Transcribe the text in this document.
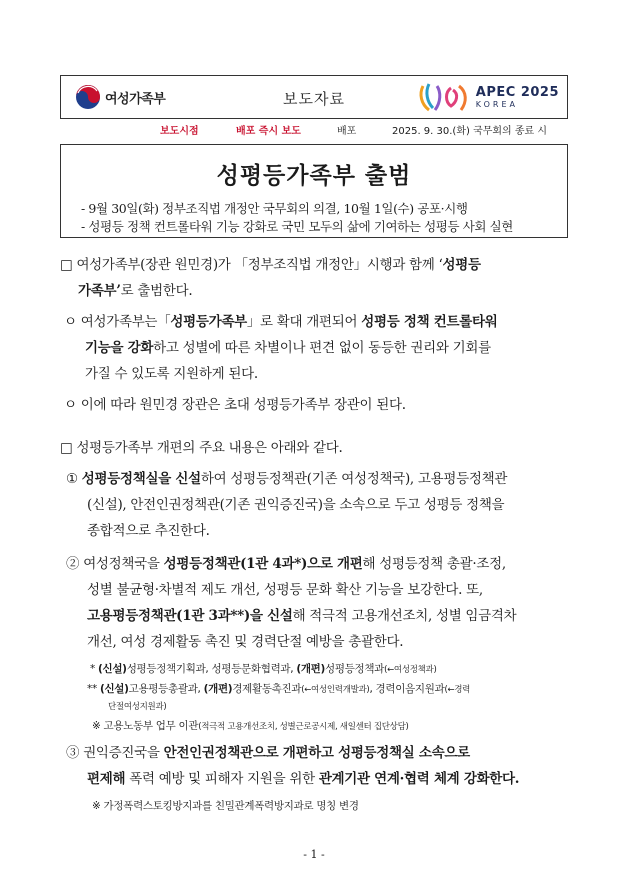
여성가족부	보도자료	APEC 2025
KOREA
보도시점	배포 즉시 보도	배포	2025. 9. 30.(화) 국무회의 종료 시
성평등가족부 출범
- 9월 30일(화) 정부조직법 개정안 국무회의 의결, 10월 1일(수) 공포·시행
- 성평등 정책 컨트롤타워 기능 강화로 국민 모두의 삶에 기여하는 성평등 사회 실현
□ 여성가족부(장관 원민경)가 「정부조직법 개정안」시행과 함께 ‘성평등
가족부’로 출범한다.
ㅇ 여성가족부는「성평등가족부」로 확대 개편되어 성평등 정책 컨트롤타워
기능을 강화하고 성별에 따른 차별이나 편견 없이 동등한 권리와 기회를
가질 수 있도록 지원하게 된다.
ㅇ 이에 따라 원민경 장관은 초대 성평등가족부 장관이 된다.
□ 성평등가족부 개편의 주요 내용은 아래와 같다.
① 성평등정책실을 신설하여 성평등정책관(기존 여성정책국), 고용평등정책관
(신설), 안전인권정책관(기존 권익증진국)을 소속으로 두고 성평등 정책을
종합적으로 추진한다.
② 여성정책국을 성평등정책관(1관 4과*)으로 개편해 성평등정책 총괄·조정,
성별 불균형·차별적 제도 개선, 성평등 문화 확산 기능을 보강한다. 또,
고용평등정책관(1관 3과**)을 신설해 적극적 고용개선조치, 성별 임금격차
개선, 여성 경제활동 촉진 및 경력단절 예방을 총괄한다.
* (신설)성평등정책기획과, 성평등문화협력과, (개편)성평등정책과(←여성정책과)
** (신설)고용평등총괄과, (개편)경제활동촉진과(←여성인력개발과), 경력이음지원과(←경력
단절여성지원과)
※ 고용노동부 업무 이관(적극적 고용개선조치, 성별근로공시제, 새일센터 집단상담)
③ 권익증진국을 안전인권정책관으로 개편하고 성평등정책실 소속으로
편제해 폭력 예방 및 피해자 지원을 위한 관계기관 연계·협력 체계 강화한다.
※ 가정폭력스토킹방지과를 친밀관계폭력방지과로 명칭 변경
- 1 -
